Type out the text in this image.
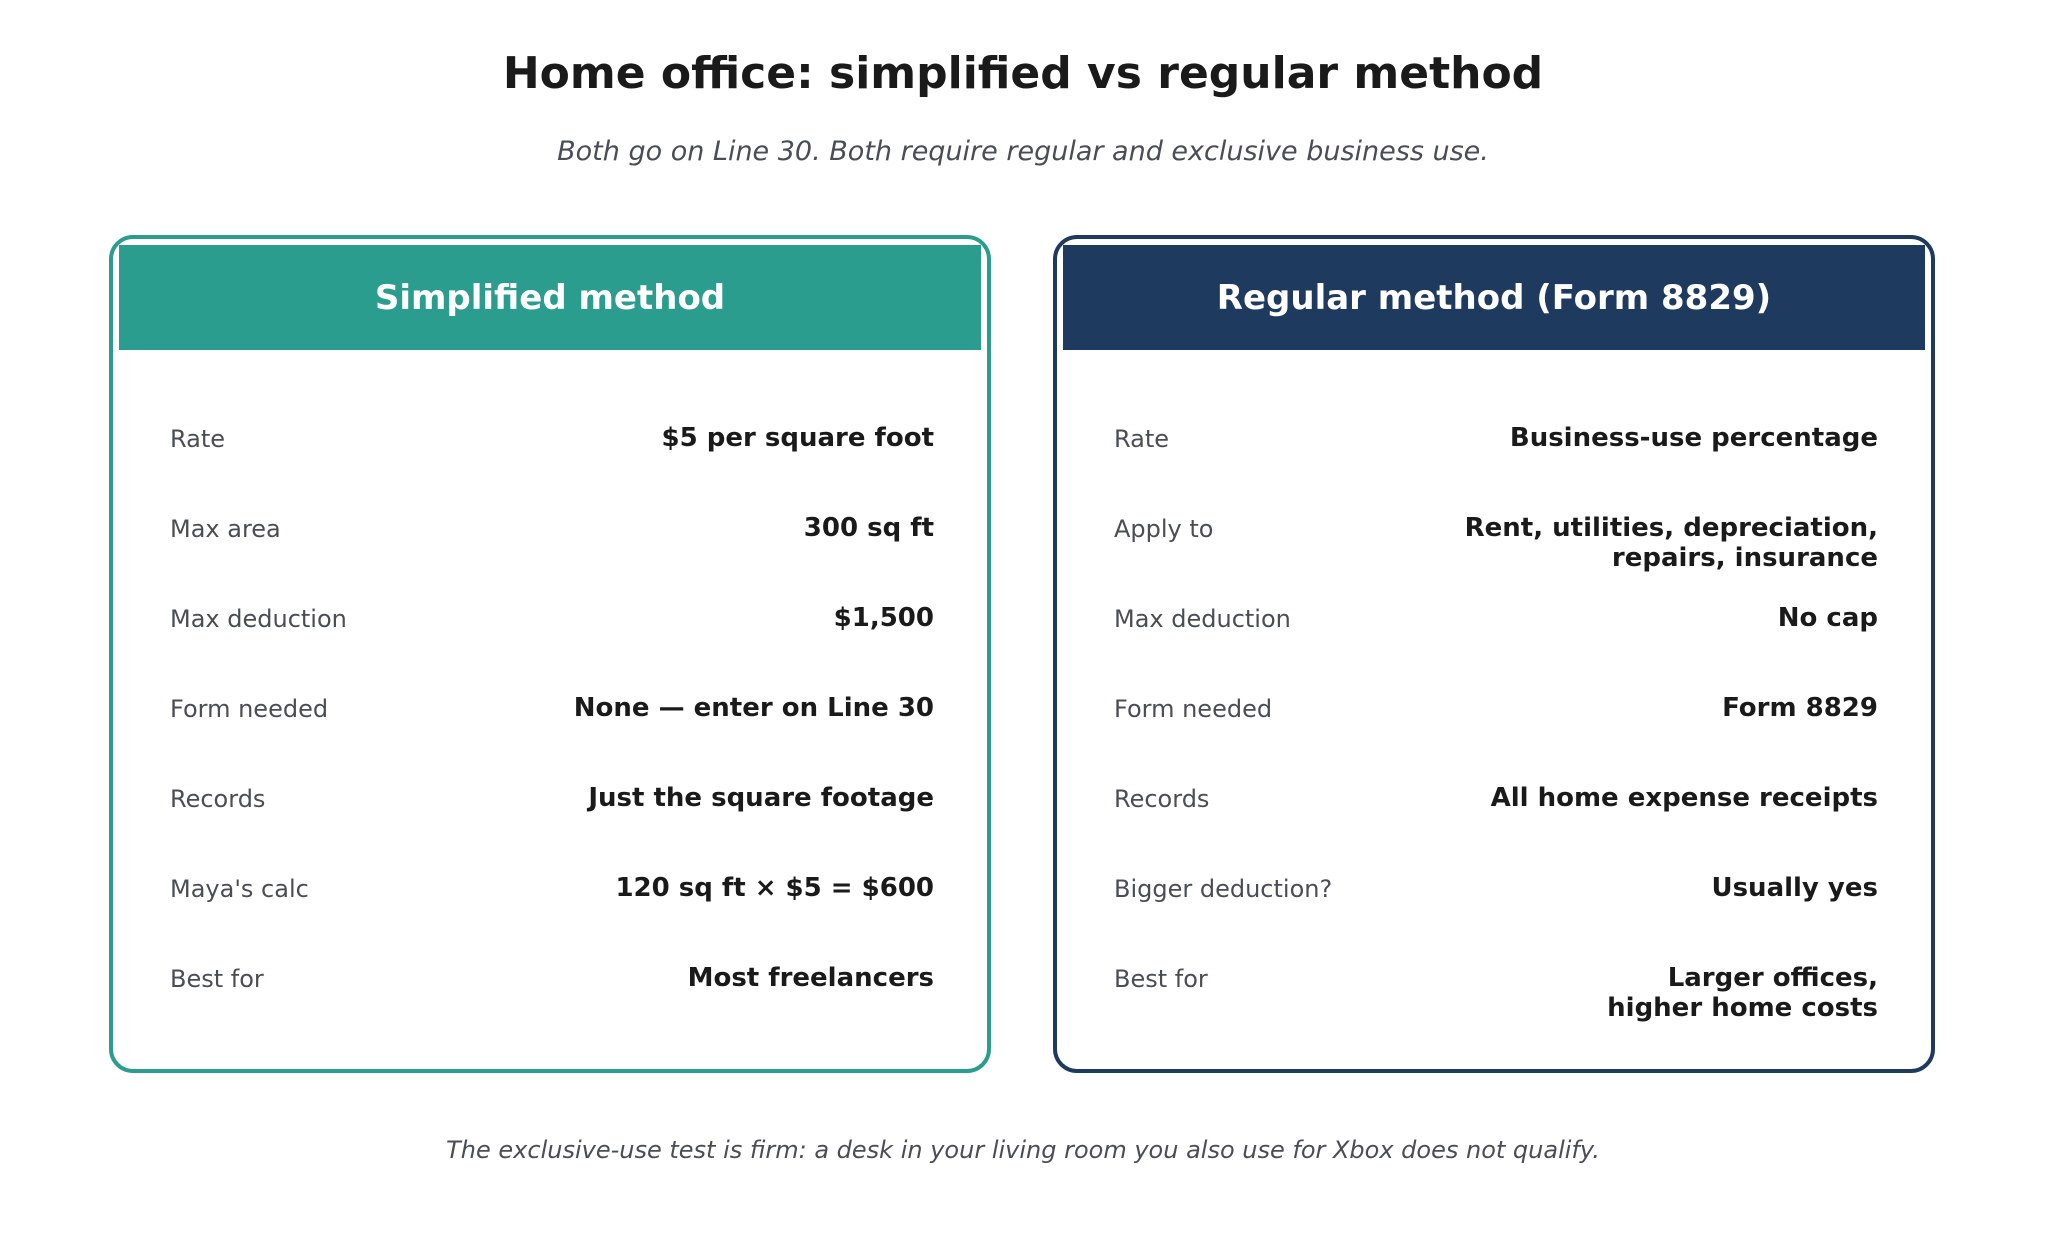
Home office: simplified vs regular method
Both go on Line 30. Both require regular and exclusive business use.
Simplified method
Rate	$5 per square foot
Max area	300 sq ft
Max deduction	$1,500
Form needed	None — enter on Line 30
Records	Just the square footage
Maya's calc	120 sq ft × $5 = $600
Best for	Most freelancers
Regular method (Form 8829)
Rate	Business-use percentage
Apply to	Rent, utilities, depreciation,
repairs, insurance
Max deduction	No cap
Form needed	Form 8829
Records	All home expense receipts
Bigger deduction?	Usually yes
Best for	Larger offices,
higher home costs
The exclusive-use test is firm: a desk in your living room you also use for Xbox does not qualify.
